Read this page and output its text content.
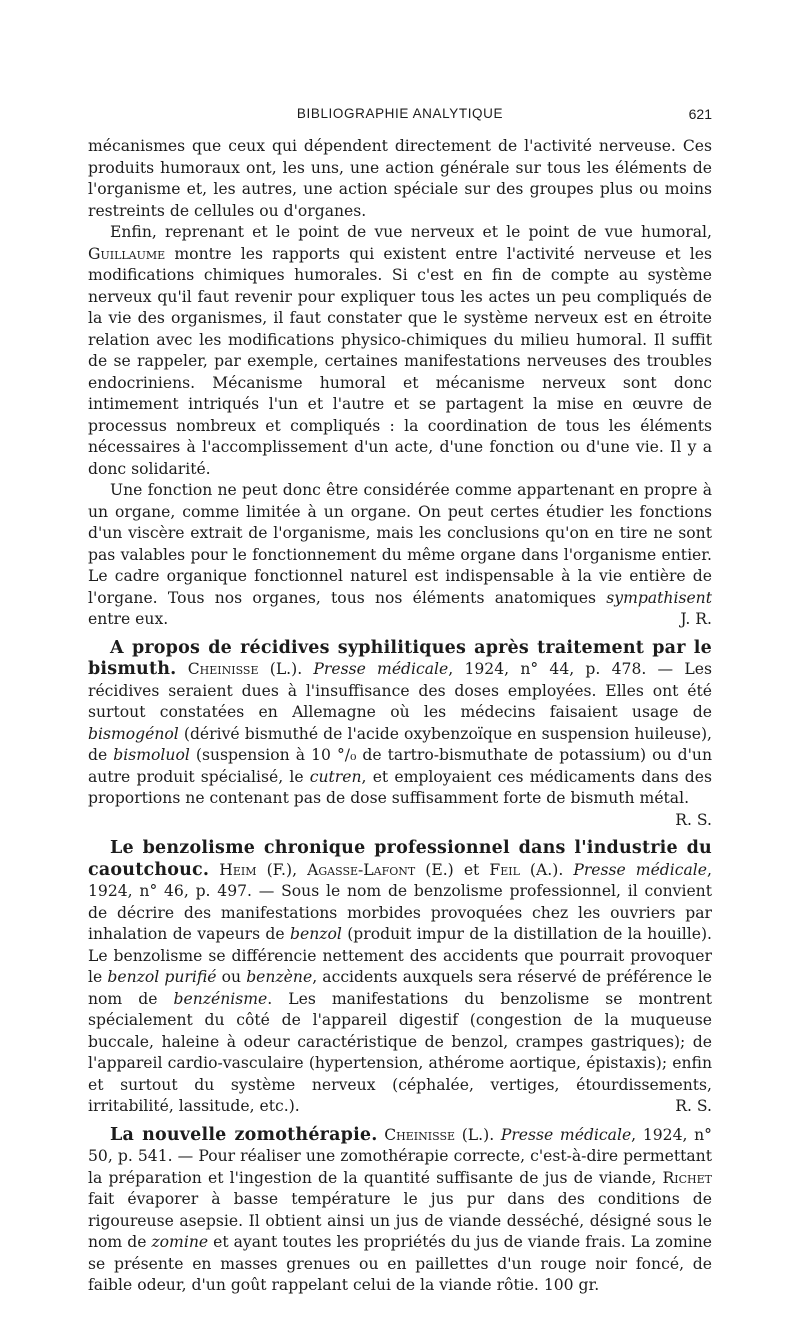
BIBLIOGRAPHIE ANALYTIQUE	621

mécanismes que ceux qui dépendent directement de l'activité nerveuse. Ces produits humoraux ont, les uns, une action générale sur tous les éléments de l'organisme et, les autres, une action spéciale sur des groupes plus ou moins restreints de cellules ou d'organes.

Enfin, reprenant et le point de vue nerveux et le point de vue humoral, Guillaume montre les rapports qui existent entre l'activité nerveuse et les modifications chimiques humorales. Si c'est en fin de compte au système nerveux qu'il faut revenir pour expliquer tous les actes un peu compliqués de la vie des organismes, il faut constater que le système nerveux est en étroite relation avec les modifications physico-chimiques du milieu humoral. Il suffit de se rappeler, par exemple, certaines manifestations nerveuses des troubles endocriniens. Mécanisme humoral et mécanisme nerveux sont donc intimement intriqués l'un et l'autre et se partagent la mise en œuvre de processus nombreux et compliqués : la coordination de tous les éléments nécessaires à l'accomplissement d'un acte, d'une fonction ou d'une vie. Il y a donc solidarité.

Une fonction ne peut donc être considérée comme appartenant en propre à un organe, comme limitée à un organe. On peut certes étudier les fonctions d'un viscère extrait de l'organisme, mais les conclusions qu'on en tire ne sont pas valables pour le fonctionnement du même organe dans l'organisme entier. Le cadre organique fonctionnel naturel est indispensable à la vie entière de l'organe. Tous nos organes, tous nos éléments anatomiques sympathisent entre eux.	J. R.

A propos de récidives syphilitiques après traitement par le bismuth. Cheinisse (L.). Presse médicale, 1924, n° 44, p. 478. — Les récidives seraient dues à l'insuffisance des doses employées. Elles ont été surtout constatées en Allemagne où les médecins faisaient usage de bismogénol (dérivé bismuthé de l'acide oxybenzoïque en suspension huileuse), de bismoluol (suspension à 10 °/₀ de tartro-bismuthate de potassium) ou d'un autre produit spécialisé, le cutren, et employaient ces médicaments dans des proportions ne contenant pas de dose suffisamment forte de bismuth métal.
R. S.

Le benzolisme chronique professionnel dans l'industrie du caoutchouc. Heim (F.), Agasse-Lafont (E.) et Feil (A.). Presse médicale, 1924, n° 46, p. 497. — Sous le nom de benzolisme professionnel, il convient de décrire des manifestations morbides provoquées chez les ouvriers par inhalation de vapeurs de benzol (produit impur de la distillation de la houille). Le benzolisme se différencie nettement des accidents que pourrait provoquer le benzol purifié ou benzène, accidents auxquels sera réservé de préférence le nom de benzénisme. Les manifestations du benzolisme se montrent spécialement du côté de l'appareil digestif (congestion de la muqueuse buccale, haleine à odeur caractéristique de benzol, crampes gastriques); de l'appareil cardio-vasculaire (hypertension, athérome aortique, épistaxis); enfin et surtout du système nerveux (céphalée, vertiges, étourdissements, irritabilité, lassitude, etc.).	R. S.

La nouvelle zomothérapie. Cheinisse (L.). Presse médicale, 1924, n° 50, p. 541. — Pour réaliser une zomothérapie correcte, c'est-à-dire permettant la préparation et l'ingestion de la quantité suffisante de jus de viande, Richet fait évaporer à basse température le jus pur dans des conditions de rigoureuse asepsie. Il obtient ainsi un jus de viande desséché, désigné sous le nom de zomine et ayant toutes les propriétés du jus de viande frais. La zomine se présente en masses grenues ou en paillettes d'un rouge noir foncé, de faible odeur, d'un goût rappelant celui de la viande rôtie. 100 gr.
